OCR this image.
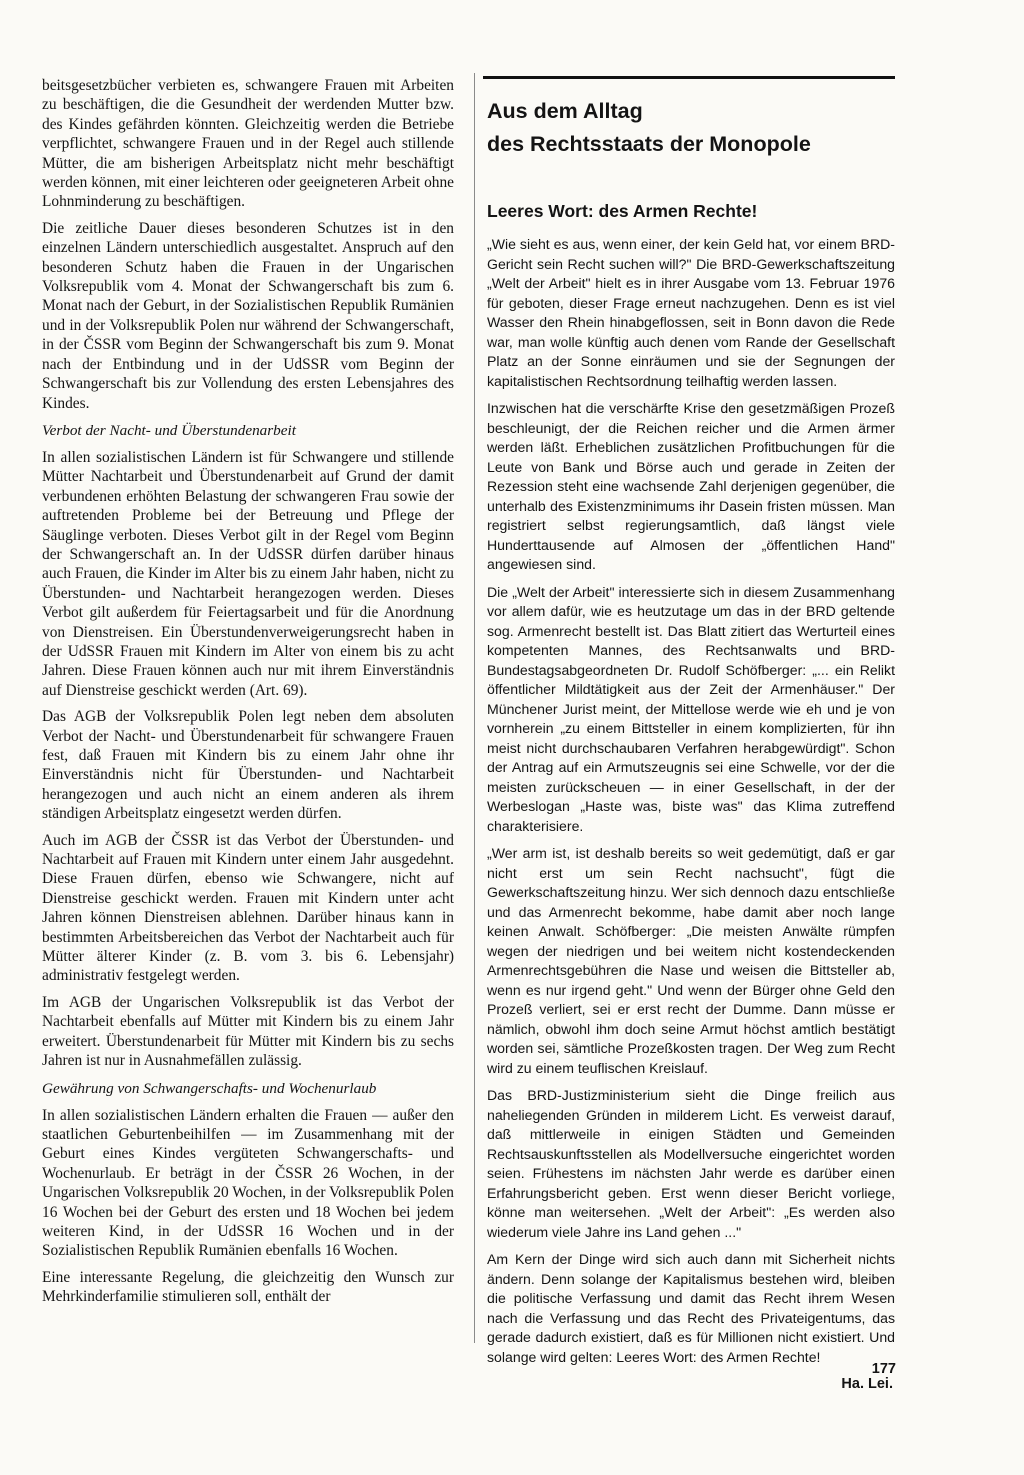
beitsgesetzbücher verbieten es, schwangere Frauen mit Arbeiten zu beschäftigen, die die Gesundheit der werdenden Mutter bzw. des Kindes gefährden könnten. Gleichzeitig werden die Betriebe verpflichtet, schwangere Frauen und in der Regel auch stillende Mütter, die am bisherigen Arbeitsplatz nicht mehr beschäftigt werden können, mit einer leichteren oder geeigneteren Arbeit ohne Lohnminderung zu beschäftigen.

Die zeitliche Dauer dieses besonderen Schutzes ist in den einzelnen Ländern unterschiedlich ausgestaltet. Anspruch auf den besonderen Schutz haben die Frauen in der Ungarischen Volksrepublik vom 4. Monat der Schwangerschaft bis zum 6. Monat nach der Geburt, in der Sozialistischen Republik Rumänien und in der Volksrepublik Polen nur während der Schwangerschaft, in der ČSSR vom Beginn der Schwangerschaft bis zum 9. Monat nach der Entbindung und in der UdSSR vom Beginn der Schwangerschaft bis zur Vollendung des ersten Lebensjahres des Kindes.

Verbot der Nacht- und Überstundenarbeit

In allen sozialistischen Ländern ist für Schwangere und stillende Mütter Nachtarbeit und Überstundenarbeit auf Grund der damit verbundenen erhöhten Belastung der schwangeren Frau sowie der auftretenden Probleme bei der Betreuung und Pflege der Säuglinge verboten. Dieses Verbot gilt in der Regel vom Beginn der Schwangerschaft an. In der UdSSR dürfen darüber hinaus auch Frauen, die Kinder im Alter bis zu einem Jahr haben, nicht zu Überstunden- und Nachtarbeit herangezogen werden. Dieses Verbot gilt außerdem für Feiertagsarbeit und für die Anordnung von Dienstreisen. Ein Überstundenverweigerungsrecht haben in der UdSSR Frauen mit Kindern im Alter von einem bis zu acht Jahren. Diese Frauen können auch nur mit ihrem Einverständnis auf Dienstreise geschickt werden (Art. 69).

Das AGB der Volksrepublik Polen legt neben dem absoluten Verbot der Nacht- und Überstundenarbeit für schwangere Frauen fest, daß Frauen mit Kindern bis zu einem Jahr ohne ihr Einverständnis nicht für Überstunden- und Nachtarbeit herangezogen und auch nicht an einem anderen als ihrem ständigen Arbeitsplatz eingesetzt werden dürfen.

Auch im AGB der ČSSR ist das Verbot der Überstunden- und Nachtarbeit auf Frauen mit Kindern unter einem Jahr ausgedehnt. Diese Frauen dürfen, ebenso wie Schwangere, nicht auf Dienstreise geschickt werden. Frauen mit Kindern unter acht Jahren können Dienstreisen ablehnen. Darüber hinaus kann in bestimmten Arbeitsbereichen das Verbot der Nachtarbeit auch für Mütter älterer Kinder (z. B. vom 3. bis 6. Lebensjahr) administrativ festgelegt werden.

Im AGB der Ungarischen Volksrepublik ist das Verbot der Nachtarbeit ebenfalls auf Mütter mit Kindern bis zu einem Jahr erweitert. Überstundenarbeit für Mütter mit Kindern bis zu sechs Jahren ist nur in Ausnahmefällen zulässig.

Gewährung von Schwangerschafts- und Wochenurlaub

In allen sozialistischen Ländern erhalten die Frauen — außer den staatlichen Geburtenbeihilfen — im Zusammenhang mit der Geburt eines Kindes vergüteten Schwangerschafts- und Wochenurlaub. Er beträgt in der ČSSR 26 Wochen, in der Ungarischen Volksrepublik 20 Wochen, in der Volksrepublik Polen 16 Wochen bei der Geburt des ersten und 18 Wochen bei jedem weiteren Kind, in der UdSSR 16 Wochen und in der Sozialistischen Republik Rumänien ebenfalls 16 Wochen.

Eine interessante Regelung, die gleichzeitig den Wunsch zur Mehrkinderfamilie stimulieren soll, enthält der

Aus dem Alltag
des Rechtsstaats der Monopole
Leeres Wort: des Armen Rechte!

„Wie sieht es aus, wenn einer, der kein Geld hat, vor einem BRD-Gericht sein Recht suchen will?" Die BRD-Gewerkschaftszeitung „Welt der Arbeit" hielt es in ihrer Ausgabe vom 13. Februar 1976 für geboten, dieser Frage erneut nachzugehen. Denn es ist viel Wasser den Rhein hinabgeflossen, seit in Bonn davon die Rede war, man wolle künftig auch denen vom Rande der Gesellschaft Platz an der Sonne einräumen und sie der Segnungen der kapitalistischen Rechtsordnung teilhaftig werden lassen.

Inzwischen hat die verschärfte Krise den gesetzmäßigen Prozeß beschleunigt, der die Reichen reicher und die Armen ärmer werden läßt. Erheblichen zusätzlichen Profitbuchungen für die Leute von Bank und Börse auch und gerade in Zeiten der Rezession steht eine wachsende Zahl derjenigen gegenüber, die unterhalb des Existenzminimums ihr Dasein fristen müssen. Man registriert selbst regierungsamtlich, daß längst viele Hunderttausende auf Almosen der „öffentlichen Hand" angewiesen sind.

Die „Welt der Arbeit" interessierte sich in diesem Zusammenhang vor allem dafür, wie es heutzutage um das in der BRD geltende sog. Armenrecht bestellt ist. Das Blatt zitiert das Werturteil eines kompetenten Mannes, des Rechtsanwalts und BRD-Bundestagsabgeordneten Dr. Rudolf Schöfberger: „... ein Relikt öffentlicher Mildtätigkeit aus der Zeit der Armenhäuser." Der Münchener Jurist meint, der Mittellose werde wie eh und je von vornherein „zu einem Bittsteller in einem komplizierten, für ihn meist nicht durchschaubaren Verfahren herabgewürdigt". Schon der Antrag auf ein Armutszeugnis sei eine Schwelle, vor der die meisten zurückscheuen — in einer Gesellschaft, in der der Werbeslogan „Haste was, biste was" das Klima zutreffend charakterisiere.

„Wer arm ist, ist deshalb bereits so weit gedemütigt, daß er gar nicht erst um sein Recht nachsucht", fügt die Gewerkschaftszeitung hinzu. Wer sich dennoch dazu entschließe und das Armenrecht bekomme, habe damit aber noch lange keinen Anwalt. Schöfberger: „Die meisten Anwälte rümpfen wegen der niedrigen und bei weitem nicht kostendeckenden Armenrechtsgebühren die Nase und weisen die Bittsteller ab, wenn es nur irgend geht." Und wenn der Bürger ohne Geld den Prozeß verliert, sei er erst recht der Dumme. Dann müsse er nämlich, obwohl ihm doch seine Armut höchst amtlich bestätigt worden sei, sämtliche Prozeßkosten tragen. Der Weg zum Recht wird zu einem teuflischen Kreislauf.

Das BRD-Justizministerium sieht die Dinge freilich aus naheliegenden Gründen in milderem Licht. Es verweist darauf, daß mittlerweile in einigen Städten und Gemeinden Rechtsauskunftsstellen als Modellversuche eingerichtet worden seien. Frühestens im nächsten Jahr werde es darüber einen Erfahrungsbericht geben. Erst wenn dieser Bericht vorliege, könne man weitersehen. „Welt der Arbeit": „Es werden also wiederum viele Jahre ins Land gehen ..."

Am Kern der Dinge wird sich auch dann mit Sicherheit nichts ändern. Denn solange der Kapitalismus bestehen wird, bleiben die politische Verfassung und damit das Recht ihrem Wesen nach die Verfassung und das Recht des Privateigentums, das gerade dadurch existiert, daß es für Millionen nicht existiert. Und solange wird gelten: Leeres Wort: des Armen Rechte!

Ha. Lei.
177
